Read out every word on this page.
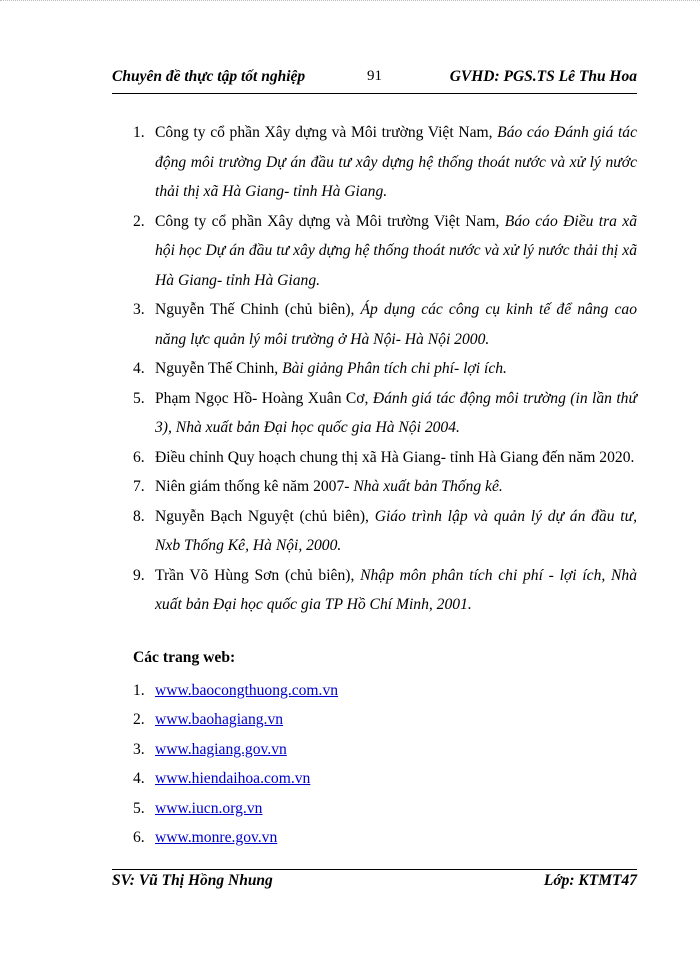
Chuyên đề thực tập tốt nghiệp	91	GVHD: PGS.TS Lê Thu Hoa
1. Công ty cổ phần Xây dựng và Môi trường Việt Nam, Báo cáo Đánh giá tác động môi trường Dự án đầu tư xây dựng hệ thống thoát nước và xử lý nước thải thị xã Hà Giang- tỉnh Hà Giang.
2. Công ty cổ phần Xây dựng và Môi trường Việt Nam, Báo cáo Điều tra xã hội học Dự án đầu tư xây dựng hệ thống thoát nước và xử lý nước thải thị xã Hà Giang- tỉnh Hà Giang.
3. Nguyễn Thế Chinh (chủ biên), Áp dụng các công cụ kinh tế để nâng cao năng lực quản lý môi trường ở Hà Nội- Hà Nội 2000.
4. Nguyễn Thế Chinh, Bài giảng Phân tích chi phí- lợi ích.
5. Phạm Ngọc Hồ- Hoàng Xuân Cơ, Đánh giá tác động môi trường (in lần thứ 3), Nhà xuất bản Đại học quốc gia Hà Nội 2004.
6. Điều chỉnh Quy hoạch chung thị xã Hà Giang- tỉnh Hà Giang đến năm 2020.
7. Niên giám thống kê năm 2007- Nhà xuất bản Thống kê.
8. Nguyễn Bạch Nguyệt (chủ biên), Giáo trình lập và quản lý dự án đầu tư, Nxb Thống Kê, Hà Nội, 2000.
9. Trần Võ Hùng Sơn (chủ biên), Nhập môn phân tích chi phí - lợi ích, Nhà xuất bản Đại học quốc gia TP Hồ Chí Minh, 2001.
Các trang web:
1. www.baocongthuong.com.vn
2. www.baohagiang.vn
3. www.hagiang.gov.vn
4. www.hiendaihoa.com.vn
5. www.iucn.org.vn
6. www.monre.gov.vn
SV: Vũ Thị Hồng Nhung	Lớp: KTMT47
